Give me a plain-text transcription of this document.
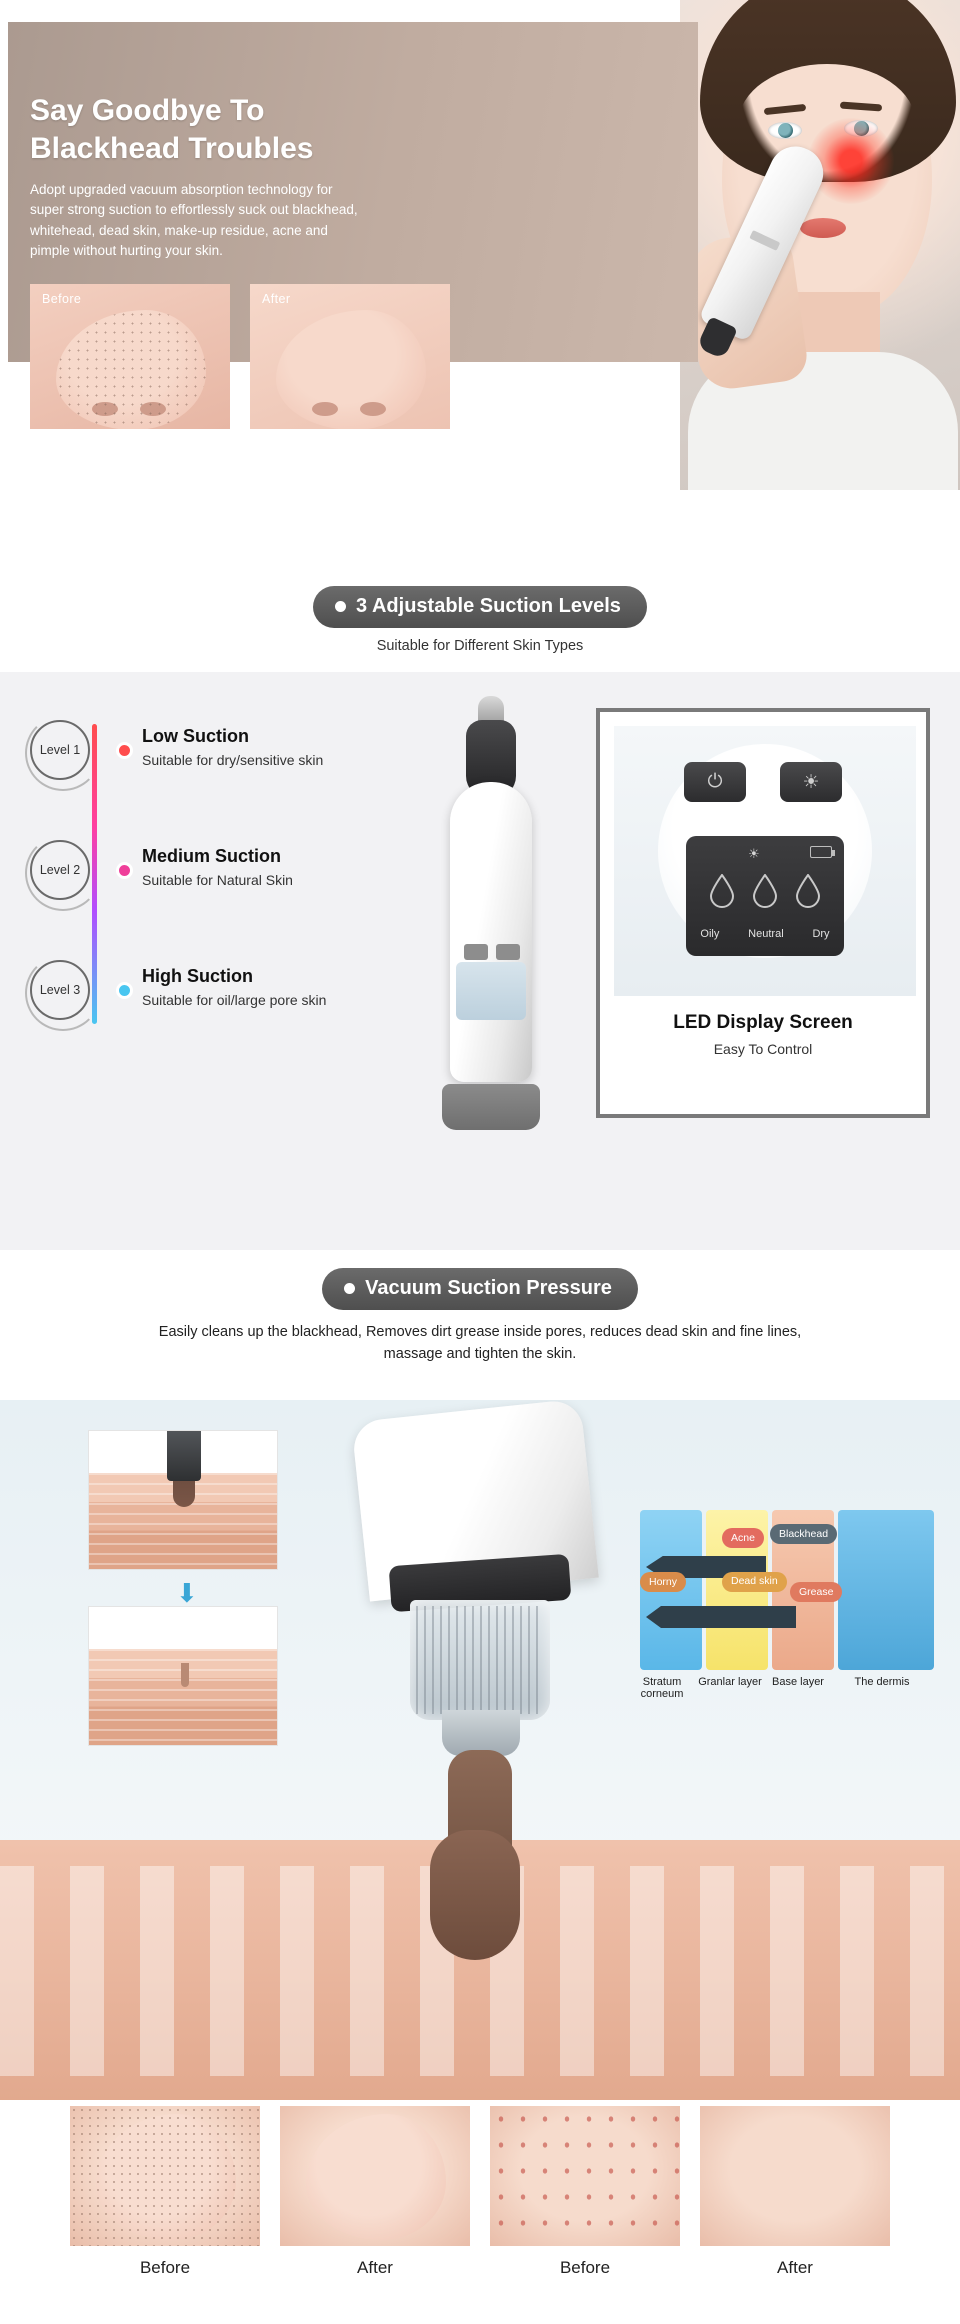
Say Goodbye To Blackhead Troubles
Adopt upgraded vacuum absorption technology for super strong suction to effortlessly suck out blackhead, whitehead, dead skin, make-up residue, acne and pimple without hurting your skin.
Before	After
3 Adjustable Suction Levels
Suitable for Different Skin Types
Level 1
Low Suction
Suitable for dry/sensitive skin
Level 2
Medium Suction
Suitable for Natural Skin
Level 3
High Suction
Suitable for oil/large pore skin
⏻	☀
☀
Oily	Neutral	Dry
LED Display Screen
Easy To Control
Vacuum Suction Pressure
Easily cleans up the blackhead, Removes dirt grease inside pores, reduces dead skin and fine lines, massage and tighten the skin.
⬇
Acne	Blackhead
Horny	Dead skin
Grease
Stratum corneum
Granlar layer Base layer	The dermis
Before	After	Before	After
